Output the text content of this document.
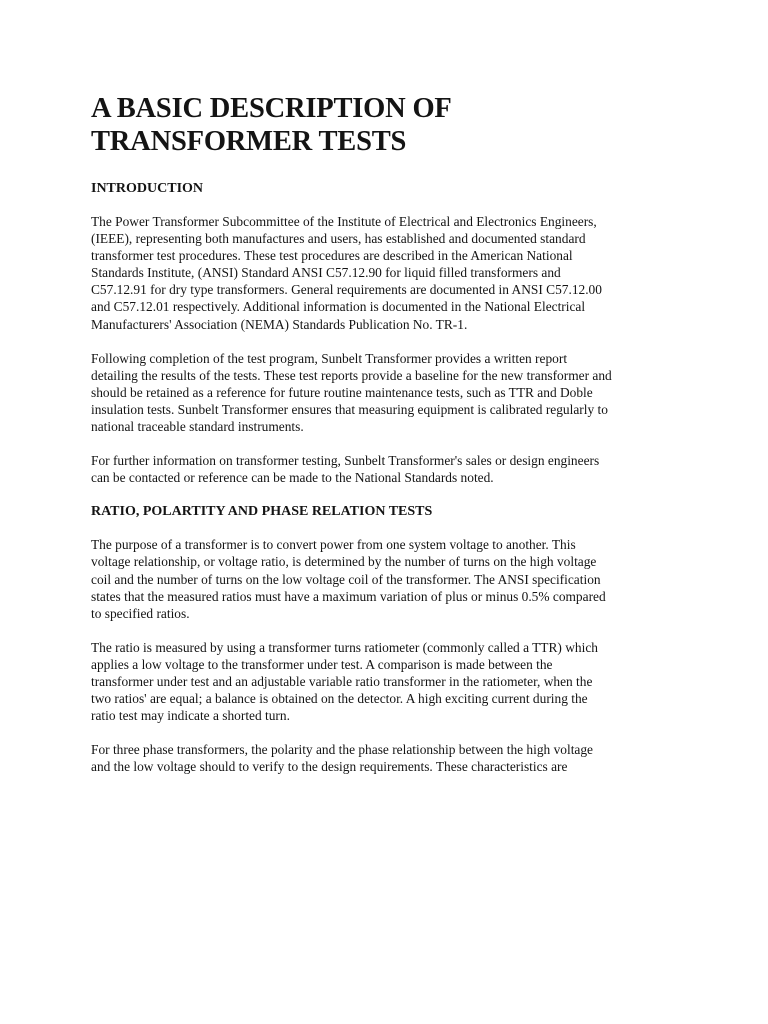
A BASIC DESCRIPTION OF
TRANSFORMER TESTS
INTRODUCTION

The Power Transformer Subcommittee of the Institute of Electrical and Electronics Engineers,
(IEEE), representing both manufactures and users, has established and documented standard
transformer test procedures. These test procedures are described in the American National
Standards Institute, (ANSI) Standard ANSI C57.12.90 for liquid filled transformers and
C57.12.91 for dry type transformers. General requirements are documented in ANSI C57.12.00
and C57.12.01 respectively. Additional information is documented in the National Electrical
Manufacturers' Association (NEMA) Standards Publication No. TR-1.

Following completion of the test program, Sunbelt Transformer provides a written report
detailing the results of the tests. These test reports provide a baseline for the new transformer and
should be retained as a reference for future routine maintenance tests, such as TTR and Doble
insulation tests. Sunbelt Transformer ensures that measuring equipment is calibrated regularly to
national traceable standard instruments.

For further information on transformer testing, Sunbelt Transformer's sales or design engineers
can be contacted or reference can be made to the National Standards noted.

RATIO, POLARTITY AND PHASE RELATION TESTS

The purpose of a transformer is to convert power from one system voltage to another. This
voltage relationship, or voltage ratio, is determined by the number of turns on the high voltage
coil and the number of turns on the low voltage coil of the transformer. The ANSI specification
states that the measured ratios must have a maximum variation of plus or minus 0.5% compared
to specified ratios.

The ratio is measured by using a transformer turns ratiometer (commonly called a TTR) which
applies a low voltage to the transformer under test. A comparison is made between the
transformer under test and an adjustable variable ratio transformer in the ratiometer, when the
two ratios' are equal; a balance is obtained on the detector. A high exciting current during the
ratio test may indicate a shorted turn.

For three phase transformers, the polarity and the phase relationship between the high voltage
and the low voltage should to verify to the design requirements. These characteristics are
